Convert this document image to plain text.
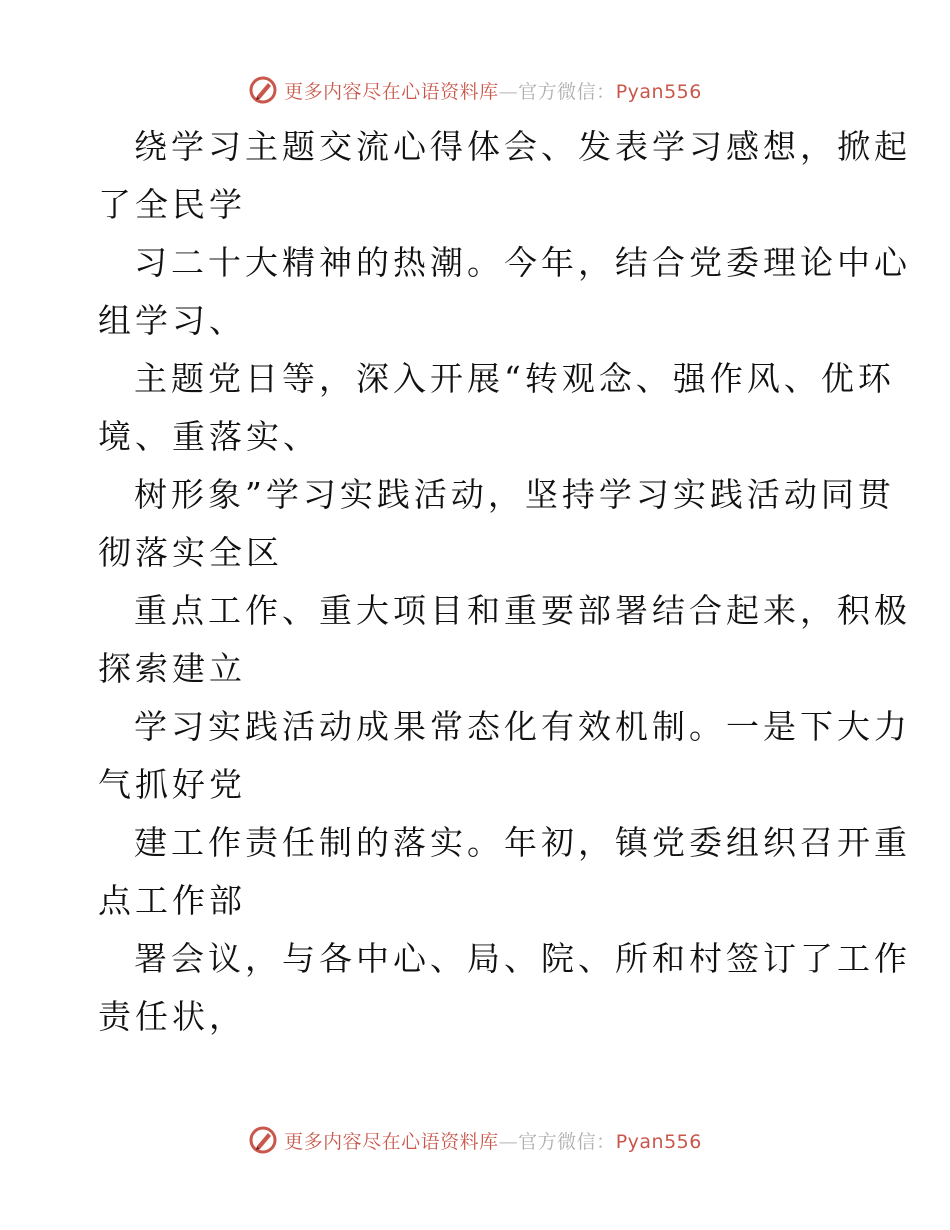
更多内容尽在心语资料库—官方微信：Pyan556

绕学习主题交流心得体会、发表学习感想，掀起
了全民学

习二十大精神的热潮。今年，结合党委理论中心
组学习、

主题党日等，深入开展“转观念、强作风、优环
境、重落实、

树形象”学习实践活动，坚持学习实践活动同贯
彻落实全区

重点工作、重大项目和重要部署结合起来，积极
探索建立

学习实践活动成果常态化有效机制。一是下大力
气抓好党

建工作责任制的落实。年初，镇党委组织召开重
点工作部

署会议，与各中心、局、院、所和村签订了工作
责任状，

更多内容尽在心语资料库—官方微信：Pyan556
